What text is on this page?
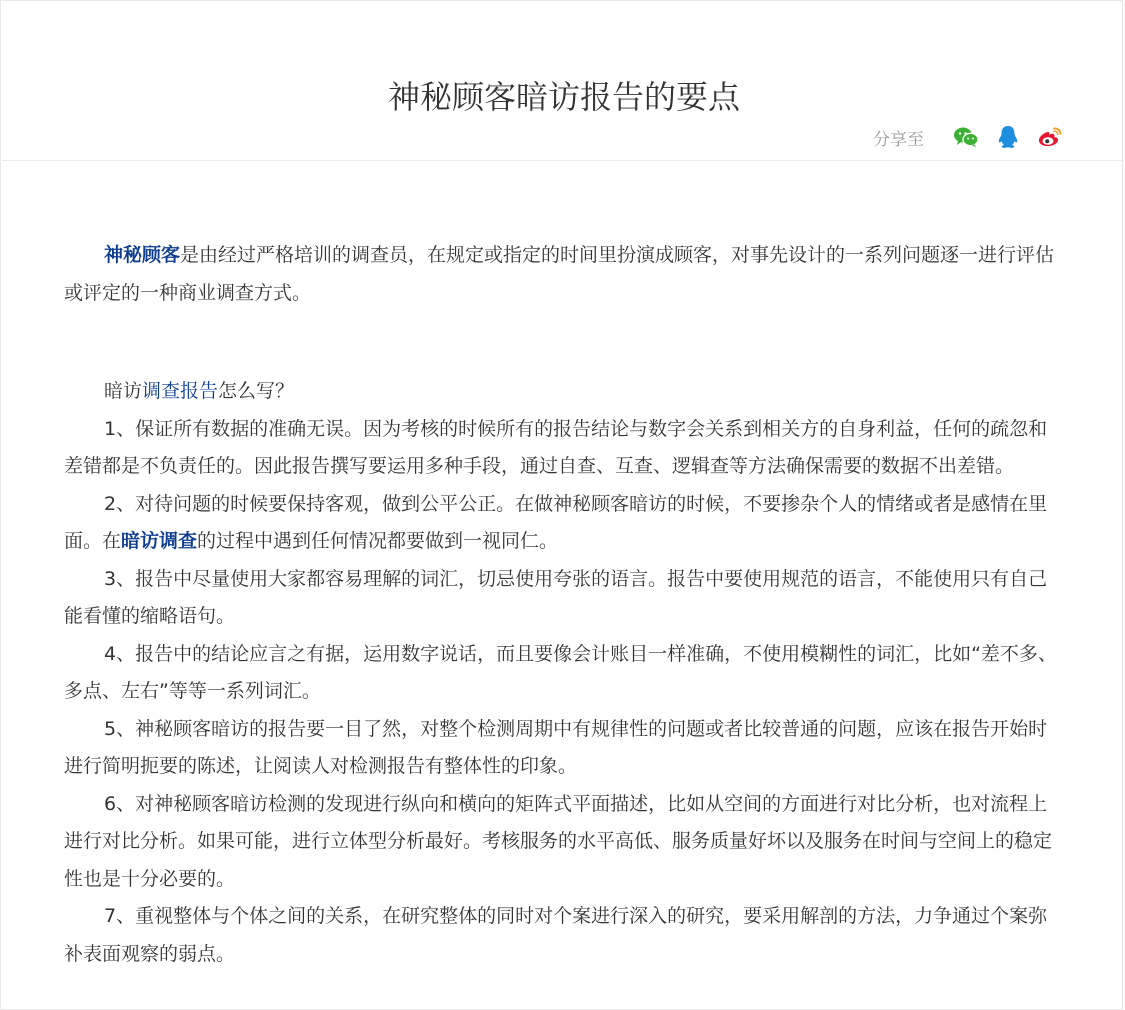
神秘顾客暗访报告的要点
分享至

神秘顾客是由经过严格培训的调查员，在规定或指定的时间里扮演成顾客，对事先设计的一系列问题逐一进行评估或评定的一种商业调查方式。

暗访调查报告怎么写？

1、保证所有数据的准确无误。因为考核的时候所有的报告结论与数字会关系到相关方的自身利益，任何的疏忽和差错都是不负责任的。因此报告撰写要运用多种手段，通过自查、互查、逻辑查等方法确保需要的数据不出差错。

2、对待问题的时候要保持客观，做到公平公正。在做神秘顾客暗访的时候，不要掺杂个人的情绪或者是感情在里面。在暗访调查的过程中遇到任何情况都要做到一视同仁。

3、报告中尽量使用大家都容易理解的词汇，切忌使用夸张的语言。报告中要使用规范的语言，不能使用只有自己能看懂的缩略语句。

4、报告中的结论应言之有据，运用数字说话，而且要像会计账目一样准确，不使用模糊性的词汇，比如“差不多、多点、左右”等等一系列词汇。

5、神秘顾客暗访的报告要一目了然，对整个检测周期中有规律性的问题或者比较普通的问题，应该在报告开始时进行简明扼要的陈述，让阅读人对检测报告有整体性的印象。

6、对神秘顾客暗访检测的发现进行纵向和横向的矩阵式平面描述，比如从空间的方面进行对比分析，也对流程上进行对比分析。如果可能，进行立体型分析最好。考核服务的水平高低、服务质量好坏以及服务在时间与空间上的稳定性也是十分必要的。

7、重视整体与个体之间的关系，在研究整体的同时对个案进行深入的研究，要采用解剖的方法，力争通过个案弥补表面观察的弱点。
